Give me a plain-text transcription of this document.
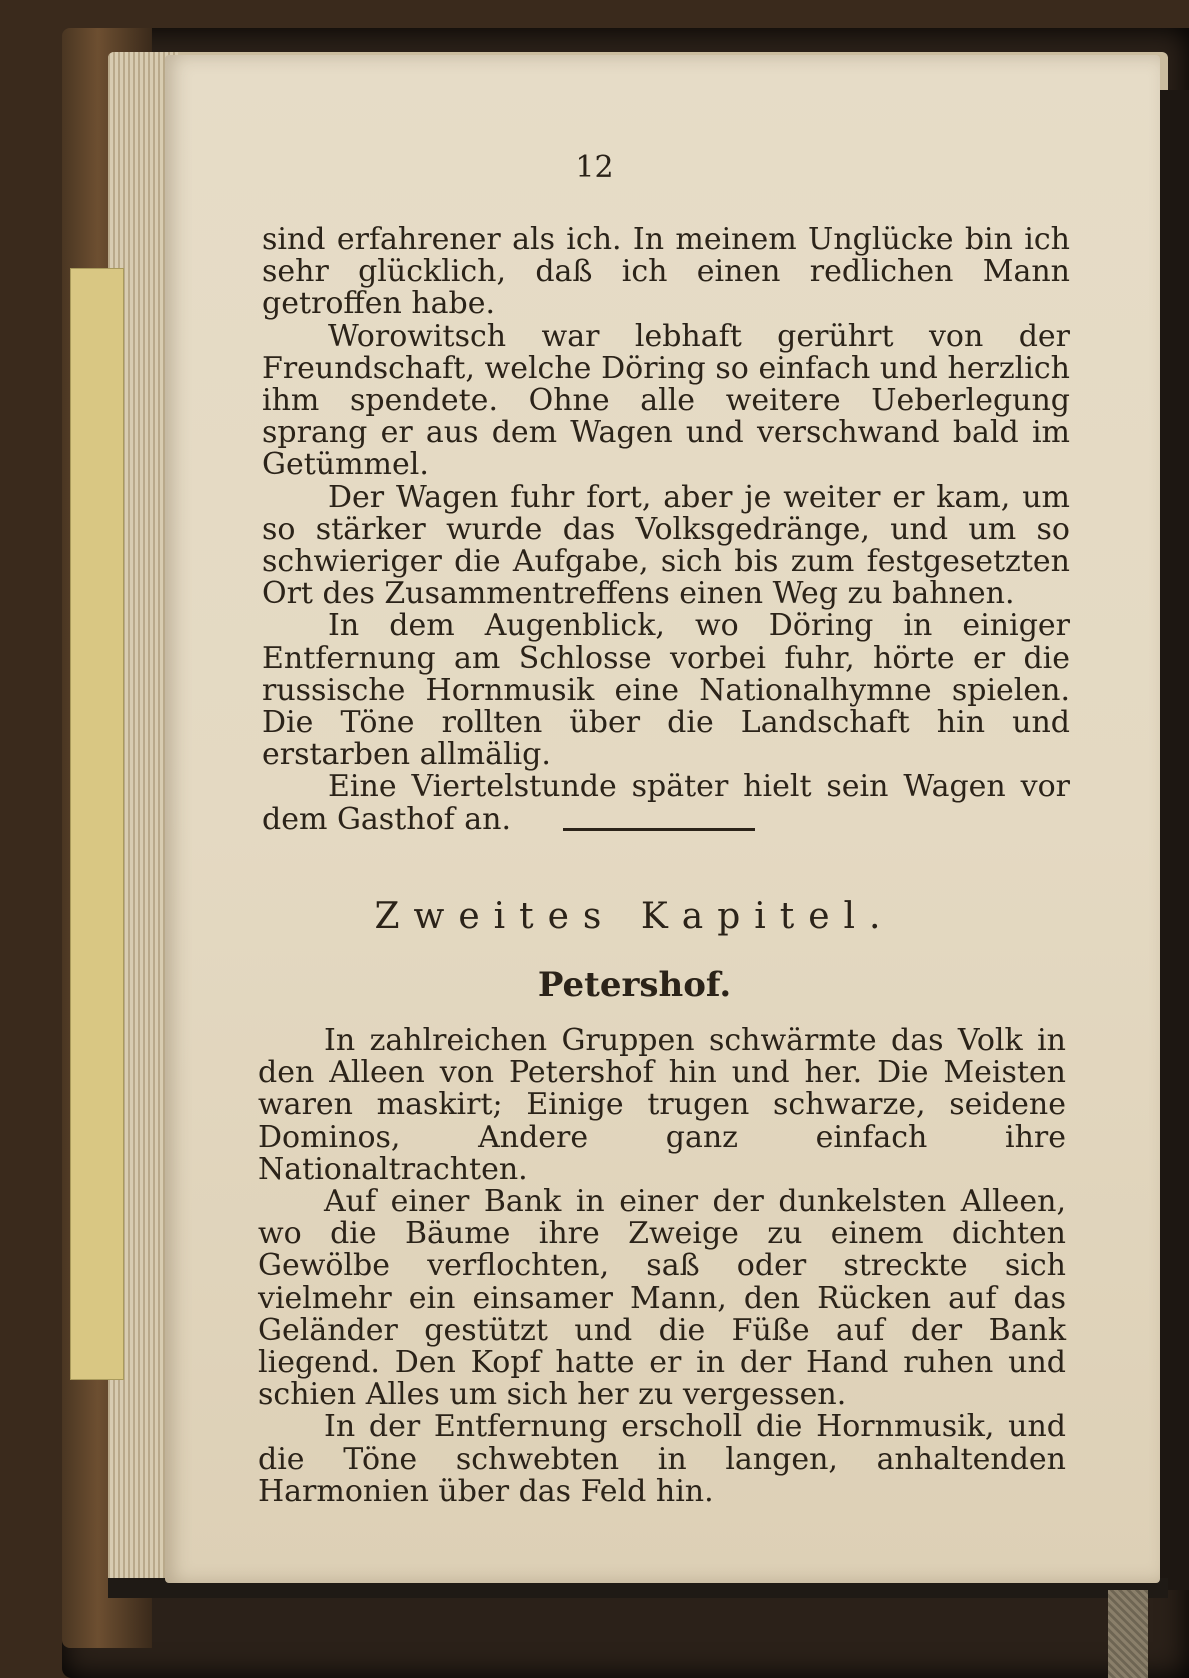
12

sind erfahrener als ich. In meinem Unglücke bin ich sehr glücklich, daß ich einen redlichen Mann getroffen habe.

Worowitsch war lebhaft gerührt von der Freundschaft, welche Döring so einfach und herzlich ihm spendete. Ohne alle weitere Ueberlegung sprang er aus dem Wagen und verschwand bald im Getümmel.

Der Wagen fuhr fort, aber je weiter er kam, um so stärker wurde das Volksgedränge, und um so schwieriger die Aufgabe, sich bis zum festgesetzten Ort des Zusammentreffens einen Weg zu bahnen.

In dem Augenblick, wo Döring in einiger Entfernung am Schlosse vorbei fuhr, hörte er die russische Hornmusik eine Nationalhymne spielen. Die Töne rollten über die Landschaft hin und erstarben allmälig.

Eine Viertelstunde später hielt sein Wagen vor dem Gasthof an.

Zweites Kapitel.
Petershof.

In zahlreichen Gruppen schwärmte das Volk in den Alleen von Petershof hin und her. Die Meisten waren maskirt; Einige trugen schwarze, seidene Dominos, Andere ganz einfach ihre Nationaltrachten.

Auf einer Bank in einer der dunkelsten Alleen, wo die Bäume ihre Zweige zu einem dichten Gewölbe verflochten, saß oder streckte sich vielmehr ein einsamer Mann, den Rücken auf das Geländer gestützt und die Füße auf der Bank liegend. Den Kopf hatte er in der Hand ruhen und schien Alles um sich her zu vergessen.

In der Entfernung erscholl die Hornmusik, und die Töne schwebten in langen, anhaltenden Harmonien über das Feld hin.
